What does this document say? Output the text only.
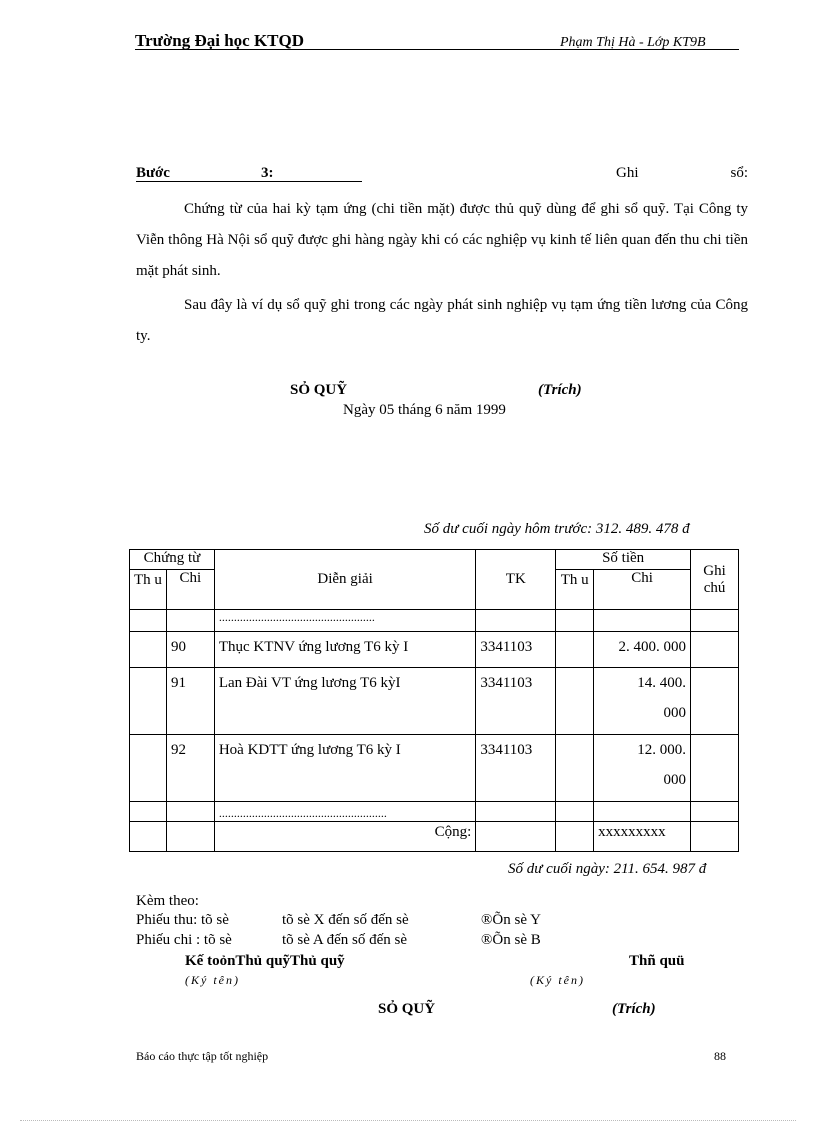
Trường Đại học KTQD	Phạm Thị Hà - Lớp KT9B
Bước	3:	Ghi	sổ:
Chứng từ của hai kỳ tạm ứng (chi tiền mặt) được thủ quỹ dùng để ghi sổ quỹ. Tại Công ty Viễn thông Hà Nội sổ quỹ được ghi hàng ngày khi có các nghiệp vụ kinh tế liên quan đến thu chi tiền mặt phát sinh.
Sau đây là ví dụ sổ quỹ ghi trong các ngày phát sinh nghiệp vụ tạm ứng tiền lương của Công ty.
SỎ QUỸ	(Trích)
Ngày 05 tháng 6 năm 1999
Số dư cuối ngày hôm trước: 312. 489. 478 đ
Chứng từ		Diễn giải	TK	Số tiền		Ghi chú
Th u	Chi			Th u	Chi	
		....................................................				
	90	Thục KTNV ứng lương T6 kỳ I	3341103		2. 400. 000	
	91	Lan Đài VT ứng lương T6 kỳI	3341103		14. 400.
000	

	92	Hoà KDTT ứng lương T6 kỳ I	3341103		12. 000.
000	

		........................................................				
		Cộng:			xxxxxxxxx	
Số dư cuối ngày: 211. 654. 987 đ
Kèm theo:
Phiếu thu: tõ sè	tõ sè X đến số đến sè	®Õn sè Y
Phiếu chi : tõ sè	tõ sè A đến số đến sè	®Õn sè B
Kế toỏnThủ quỹThủ quỹ	Thñ quü
(Ký tên)	(Ký tên)
SỎ QUỸ	(Trích)
Báo cáo thực tập tốt nghiệp	88
